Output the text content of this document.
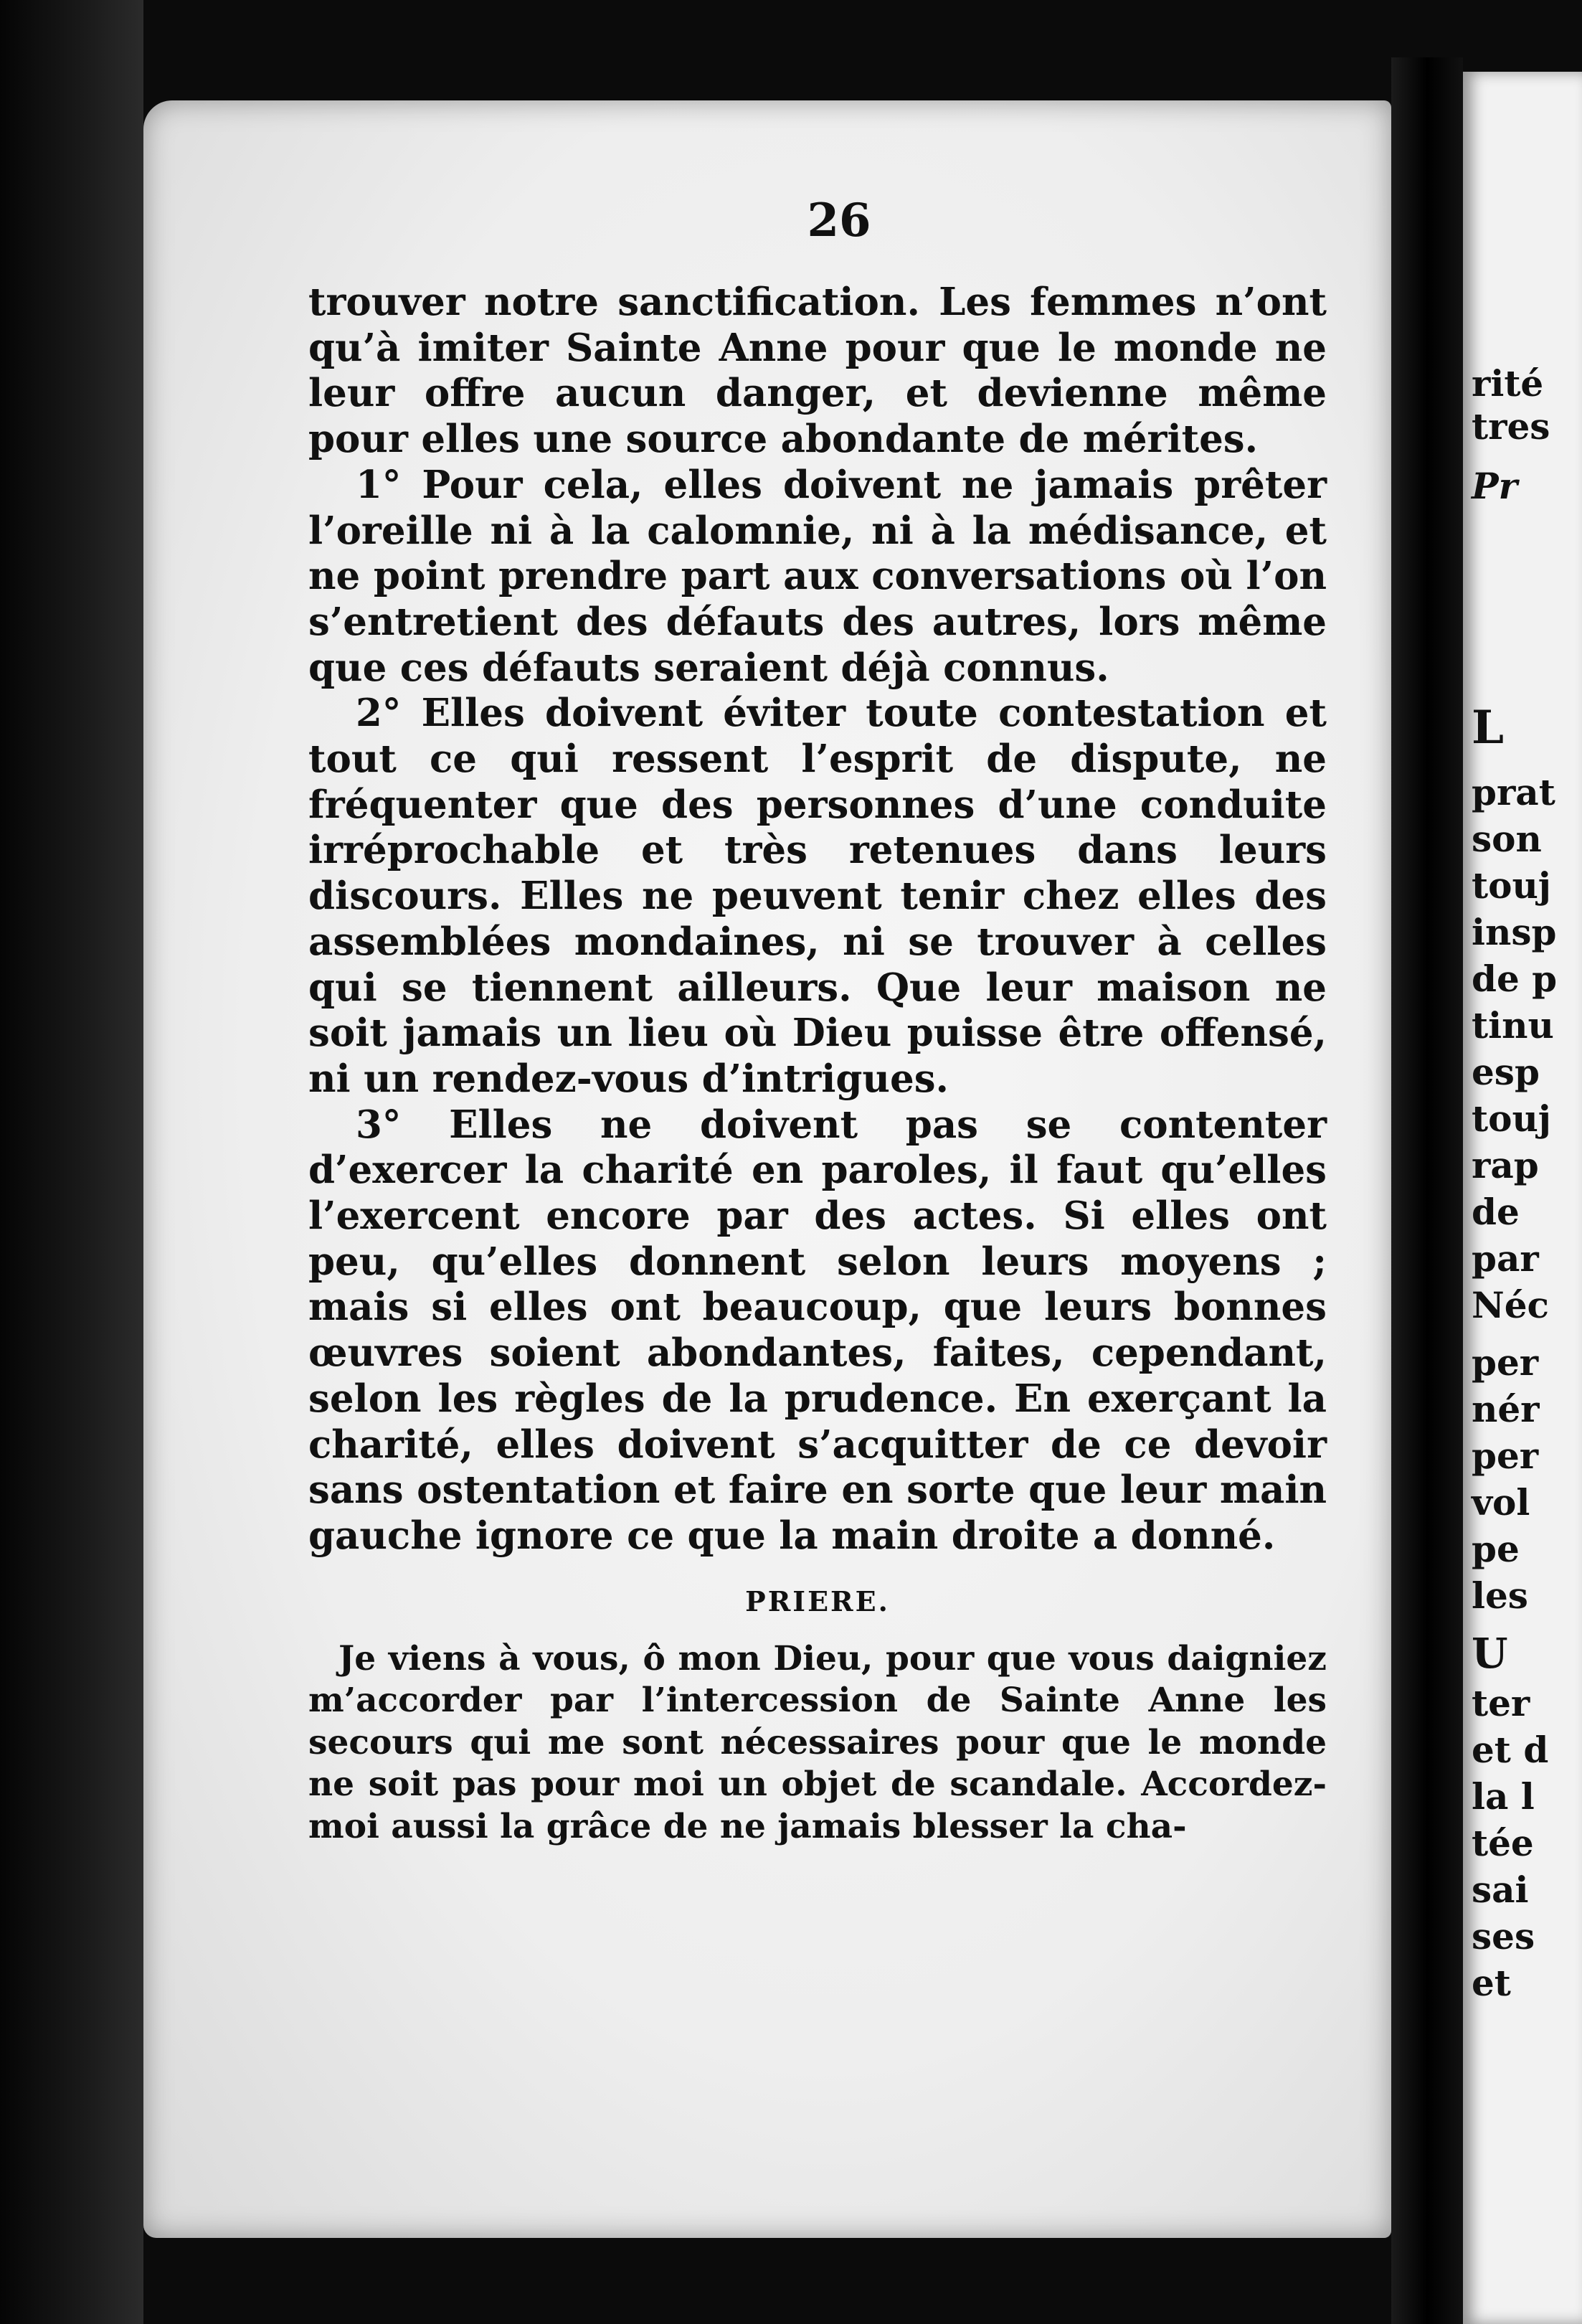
26

trouver notre sanctification. Les femmes n’ont qu’à imiter Sainte Anne pour que le monde ne leur offre aucun danger, et devienne même pour elles une source abondante de mérites.

1° Pour cela, elles doivent ne jamais prêter l’oreille ni à la calomnie, ni à la médisance, et ne point prendre part aux conversations où l’on s’entretient des défauts des autres, lors même que ces défauts seraient déjà connus.

2° Elles doivent éviter toute contestation et tout ce qui ressent l’esprit de dispute, ne fréquenter que des personnes d’une conduite irréprochable et très retenues dans leurs discours. Elles ne peuvent tenir chez elles des assemblées mondaines, ni se trouver à celles qui se tiennent ailleurs. Que leur maison ne soit jamais un lieu où Dieu puisse être offensé, ni un rendez-vous d’intrigues.

3° Elles ne doivent pas se contenter d’exercer la charité en paroles, il faut qu’elles l’exercent encore par des actes. Si elles ont peu, qu’elles donnent selon leurs moyens ; mais si elles ont beaucoup, que leurs bonnes œuvres soient abondantes, faites, cependant, selon les règles de la prudence. En exerçant la charité, elles doivent s’acquitter de ce devoir sans ostentation et faire en sorte que leur main gauche ignore ce que la main droite a donné.

PRIERE.

Je viens à vous, ô mon Dieu, pour que vous daigniez m’accorder par l’intercession de Sainte Anne les secours qui me sont nécessaires pour que le monde ne soit pas pour moi un objet de scandale. Accordez-moi aussi la grâce de ne jamais blesser la cha-

rité

tres

Pr

L

prat

son

touj

insp

de p

tinu

esp

touj

rap

de

par

Néc

per

nér

per

vol

pe

les

U

ter

et d

la l

tée

sai

ses

et
